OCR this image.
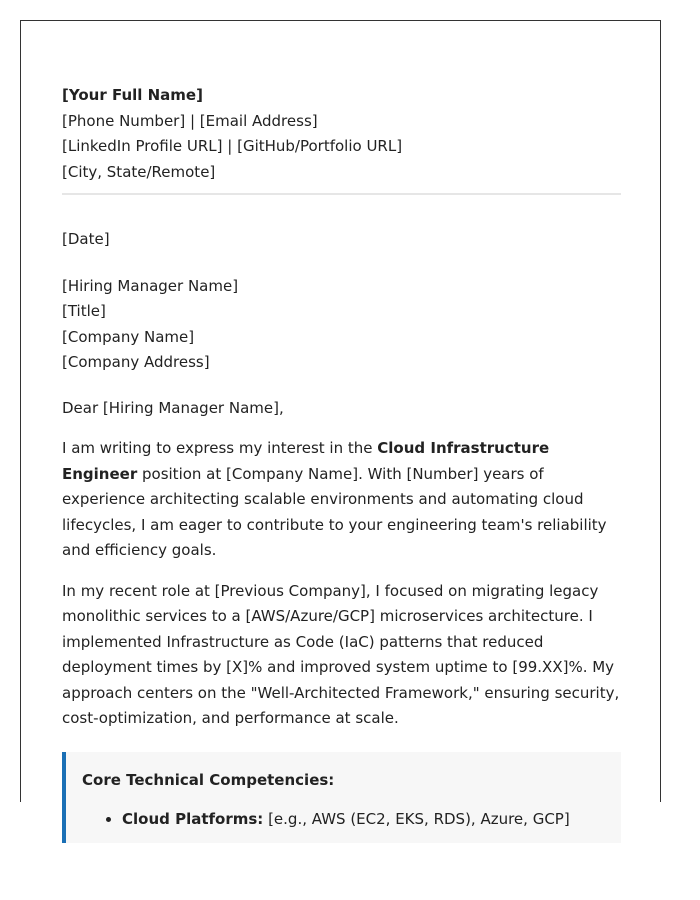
[Your Full Name]
[Phone Number] | [Email Address]
[LinkedIn Profile URL] | [GitHub/Portfolio URL]
[City, State/Remote]
[Date]
[Hiring Manager Name]
[Title]
[Company Name]
[Company Address]
Dear [Hiring Manager Name],

I am writing to express my interest in the Cloud Infrastructure Engineer position at [Company Name]. With [Number] years of experience architecting scalable environments and automating cloud lifecycles, I am eager to contribute to your engineering team's reliability and efficiency goals.

In my recent role at [Previous Company], I focused on migrating legacy monolithic services to a [AWS/Azure/GCP] microservices architecture. I implemented Infrastructure as Code (IaC) patterns that reduced deployment times by [X]% and improved system uptime to [99.XX]%. My approach centers on the "Well-Architected Framework," ensuring security, cost-optimization, and performance at scale.

Core Technical Competencies:
• Cloud Platforms: [e.g., AWS (EC2, EKS, RDS), Azure, GCP]
